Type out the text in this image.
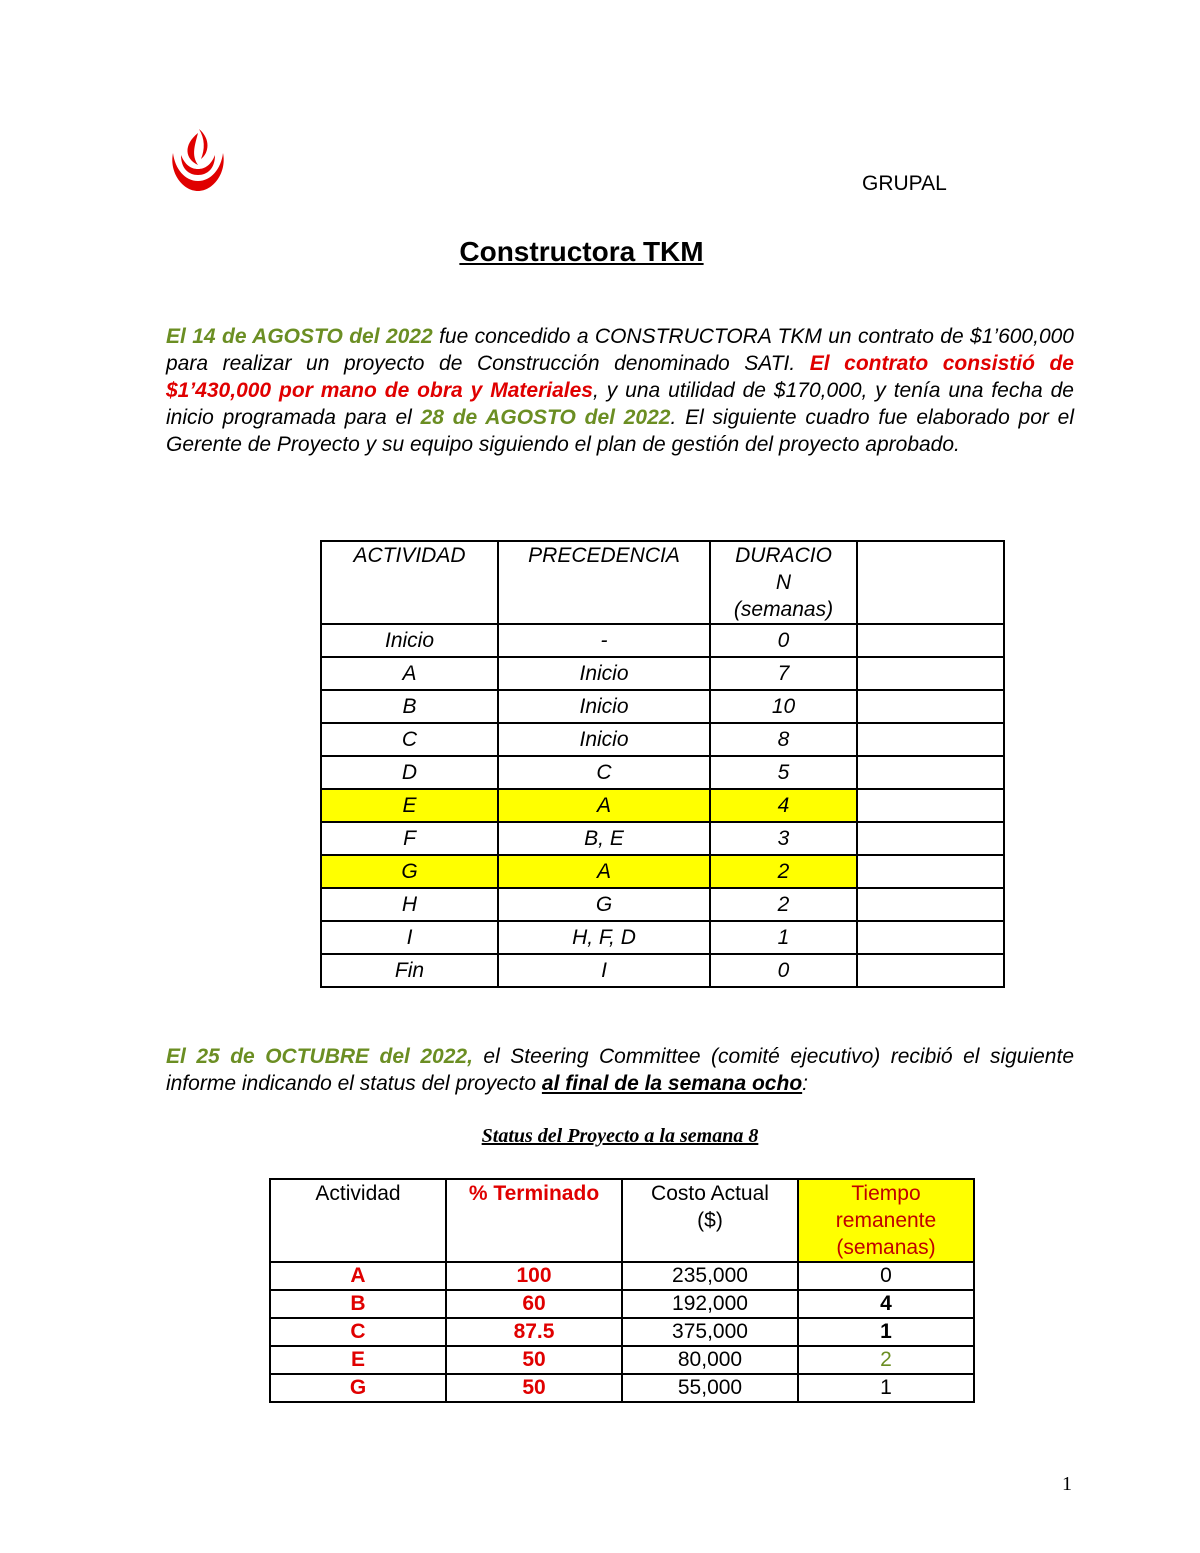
GRUPAL
Constructora TKM
El 14 de AGOSTO del 2022 fue concedido a CONSTRUCTORA TKM un contrato de $1’600,000 para realizar un proyecto de Construcción denominado SATI. El contrato consistió de $1’430,000 por mano de obra y Materiales, y una utilidad de $170,000, y tenía una fecha de inicio programada para el 28 de AGOSTO del 2022. El siguiente cuadro fue elaborado por el Gerente de Proyecto y su equipo siguiendo el plan de gestión del proyecto aprobado.
ACTIVIDAD	PRECEDENCIA	DURACIO N (semanas)	

Inicio	-	0	
A	Inicio	7	
B	Inicio	10	
C	Inicio	8	
D	C	5	
E	A	4	
F	B, E	3	
G	A	2	
H	G	2	
I	H, F, D	1	
Fin	I	0	
El 25 de OCTUBRE del 2022, el Steering Committee (comité ejecutivo) recibió el siguiente informe indicando el status del proyecto al final de la semana ocho:
Status del Proyecto a la semana 8
Actividad	% Terminado	Costo Actual ($)	Tiempo remanente (semanas)

A	100	235,000	0
B	60	192,000	4
C	87.5	375,000	1
E	50	80,000	2
G	50	55,000	1
1
